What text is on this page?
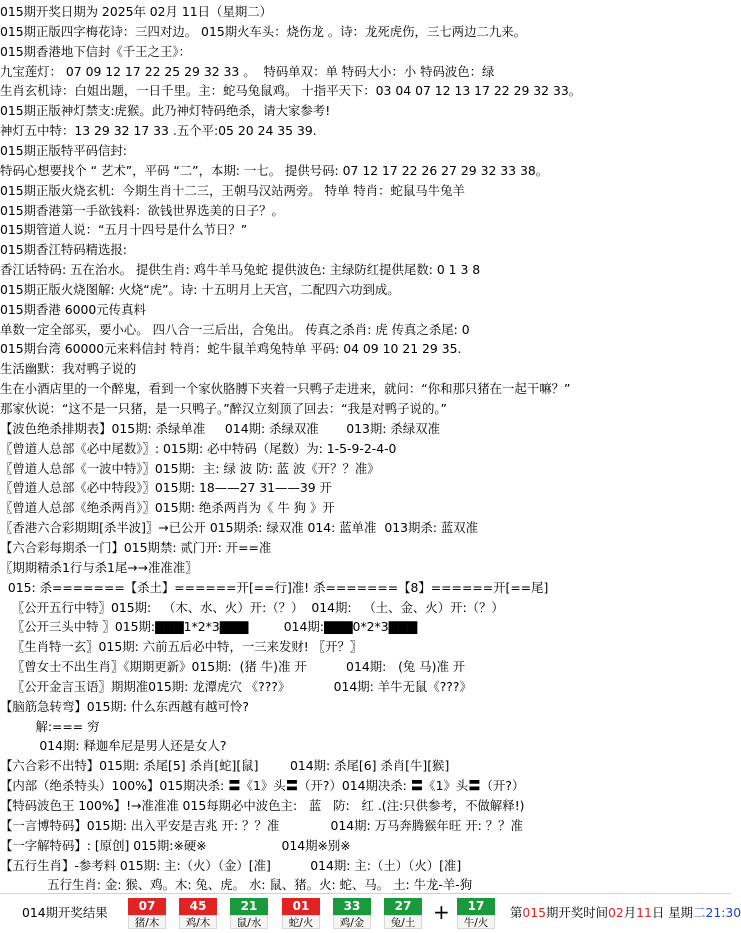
015期开奖日期为 2025年 02月 11日（星期二）
015期正版四字梅花诗：三四对边。 015期火车头：烧伤龙 。诗：龙死虎伤，三七两边二九来。
015期香港地下信封《千王之王》：
九宝莲灯： 07 09 12 17 22 25 29 32 33 。  特码单双：单 特码大小：小 特码波色：绿
生肖玄机诗：白姐出题，一日千里。主：蛇马兔鼠鸡。 十指平天下：03 04 07 12 13 17 22 29 32 33。
015期正版神灯禁支:虎猴。此乃神灯特码绝杀，请大家参考!
神灯五中特：13 29 32 17 33 .五个平:05 20 24 35 39.
015期正版特平码信封:
特码心想要找个 “ 艺术”，平码 “二”，本期: 一七。 提供号码: 07 12 17 22 26 27 29 32 33 38。
015期正版火烧玄机:  今期生肖十二三，王朝马汉站两旁。 特单 特肖：蛇鼠马牛兔羊
015期香港第一手欲钱料：欲钱世界选美的日子？。
015期管道人说：“五月十四号是什么节日？”
015期香江特码精选报:
香江话特码: 五在治水。 提供生肖: 鸡牛羊马兔蛇 提供波色: 主绿防红提供尾数: 0 1 3 8
015期正版火烧图解: 火烧“虎”。诗: 十五明月上天宫，二配四六功到成。
015期香港 6000元传真料
单数一定全部买，要小心。 四八合一三后出，合兔出。 传真之杀肖: 虎 传真之杀尾: 0
015期台湾 60000元来料信封 特肖：蛇牛鼠羊鸡兔特单 平码: 04 09 10 21 29 35.
生活幽默：我对鸭子说的
生在小酒店里的一个醉鬼，看到一个家伙胳膊下夹着一只鸭子走进来，就问：“你和那只猪在一起干嘛？”
那家伙说：“这不是一只猪，是一只鸭子。”醉汉立刻顶了回去：“我是对鸭子说的。”
【波色绝杀排期表】015期: 杀绿单准     014期: 杀绿双准       013期: 杀绿双准
〖曾道人总部《必中尾数》〗: 015期: 必中特码（尾数）为: 1-5-9-2-4-0
〖曾道人总部《一波中特》〗015期:  主: 绿 波 防: 蓝 波《开？？准》
〖曾道人总部《必中特段》〗015期: 18——27 31——39 开
〖曾道人总部《绝杀两肖》〗015期: 绝杀两肖为《 牛 狗 》开
〖香港六合彩期期[杀半波]〗→已公开 015期杀: 绿双准 014: 蓝单准  013期杀: 蓝双准
【六合彩每期杀一门】015期禁: 贰门开: 开==准
〖期期精杀1行与杀1尾→→准准准〗
015: 杀=======【杀土】======开[==行]准! 杀=======【8】======开[==尾]
〖公开五行中特〗015期:   （木、水、火）开:（？）  014期:   （土、金、火）开:（？）
〖公开三头中特 〗015期:▇▇▇1*2*3▇▇▇         014期:▇▇▇0*2*3▇▇▇
〖生肖特一玄〗015期: 六前五后必中特，一三来发财! 〖开？〗
〖曾女士不出生肖〗《期期更新》015期:  (猪 牛)准 开          014期:   (兔 马)准 开
〖公开金言玉语〗期期准015期: 龙潭虎穴 《???》           014期: 羊牛无鼠《???》
【脑筋急转弯】015期: 什么东西越有越可怜?
解:=== 穷
014期: 释迦牟尼是男人还是女人?
【六合彩不出特】015期: 杀尾[5] 杀肖[蛇][鼠]        014期: 杀尾[6] 杀肖[牛][猴]
【内部（绝杀特头）100%】015期决杀: 〓《1》头〓（开?）014期决杀: 〓《1》头〓（开?）
【特码波色王 100%】!→准准准 015每期必中波色主:   蓝   防:   红 .(注:只供参考，不做解释!)
【一言博特码】015期: 出入平安是吉兆 开: ？？准             014期: 万马奔腾猴年旺 开: ？？准
【一字解特码】: [原创] 015期:※硬※                   014期※别※
【五行生肖】-参考料 015期: 主:（火）（金）[准]          014期: 主:（土）（火）[准]
五行生肖: 金: 猴、鸡。木: 兔、虎。 水: 鼠、猪。火: 蛇、马。 土: 牛龙-羊-狗
014期开奖结果	07
猪/木
45
鸡/木
21
鼠/水
01
蛇/火
33
鸡/金
27
兔/土 +	17
牛/火
第015期开奖时间02月11日 星期二21:30
